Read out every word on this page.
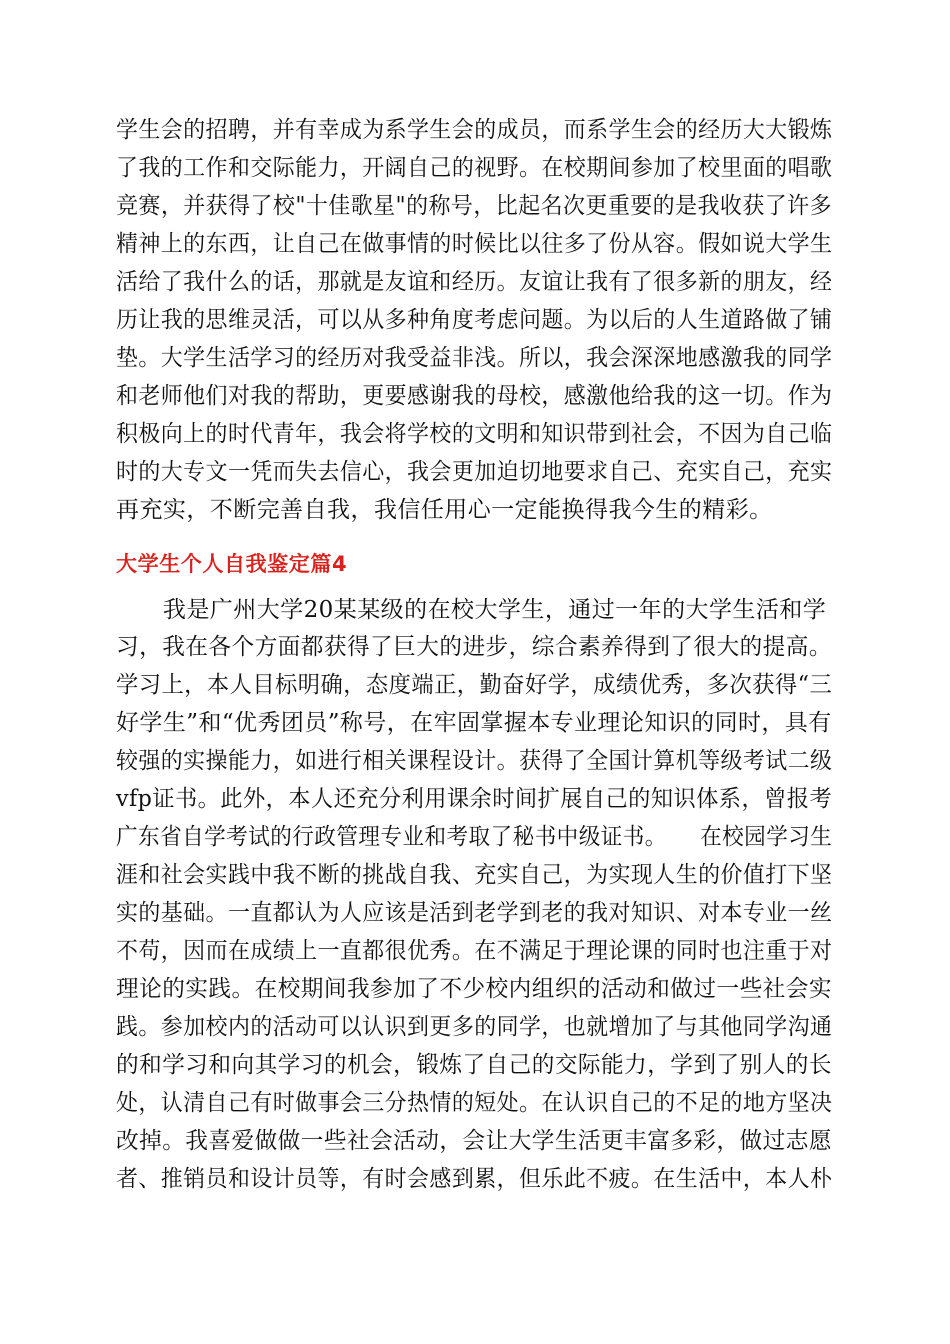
学生会的招聘，并有幸成为系学生会的成员，而系学生会的经历大大锻炼
了我的工作和交际能力，开阔自己的视野。在校期间参加了校里面的唱歌
竞赛，并获得了校"十佳歌星"的称号，比起名次更重要的是我收获了许多
精神上的东西，让自己在做事情的时候比以往多了份从容。假如说大学生
活给了我什么的话，那就是友谊和经历。友谊让我有了很多新的朋友，经
历让我的思维灵活，可以从多种角度考虑问题。为以后的人生道路做了铺
垫。大学生活学习的经历对我受益非浅。所以，我会深深地感激我的同学
和老师他们对我的帮助，更要感谢我的母校，感激他给我的这一切。作为
积极向上的时代青年，我会将学校的文明和知识带到社会，不因为自己临
时的大专文一凭而失去信心，我会更加迫切地要求自己、充实自己，充实
再充实，不断完善自我，我信任用心一定能换得我今生的精彩。
大学生个人自我鉴定篇4
　　我是广州大学20某某级的在校大学生，通过一年的大学生活和学
习，我在各个方面都获得了巨大的进步，综合素养得到了很大的提高。
学习上，本人目标明确，态度端正，勤奋好学，成绩优秀，多次获得“三
好学生”和“优秀团员”称号，在牢固掌握本专业理论知识的同时，具有
较强的实操能力，如进行相关课程设计。获得了全国计算机等级考试二级
vfp证书。此外，本人还充分利用课余时间扩展自己的知识体系，曾报考
广东省自学考试的行政管理专业和考取了秘书中级证书。　　在校园学习生
涯和社会实践中我不断的挑战自我、充实自己，为实现人生的价值打下坚
实的基础。一直都认为人应该是活到老学到老的我对知识、对本专业一丝
不苟，因而在成绩上一直都很优秀。在不满足于理论课的同时也注重于对
理论的实践。在校期间我参加了不少校内组织的活动和做过一些社会实
践。参加校内的活动可以认识到更多的同学，也就增加了与其他同学沟通
的和学习和向其学习的机会，锻炼了自己的交际能力，学到了别人的长
处，认清自己有时做事会三分热情的短处。在认识自己的不足的地方坚决
改掉。我喜爱做做一些社会活动，会让大学生活更丰富多彩，做过志愿
者、推销员和设计员等，有时会感到累，但乐此不疲。在生活中，本人朴
